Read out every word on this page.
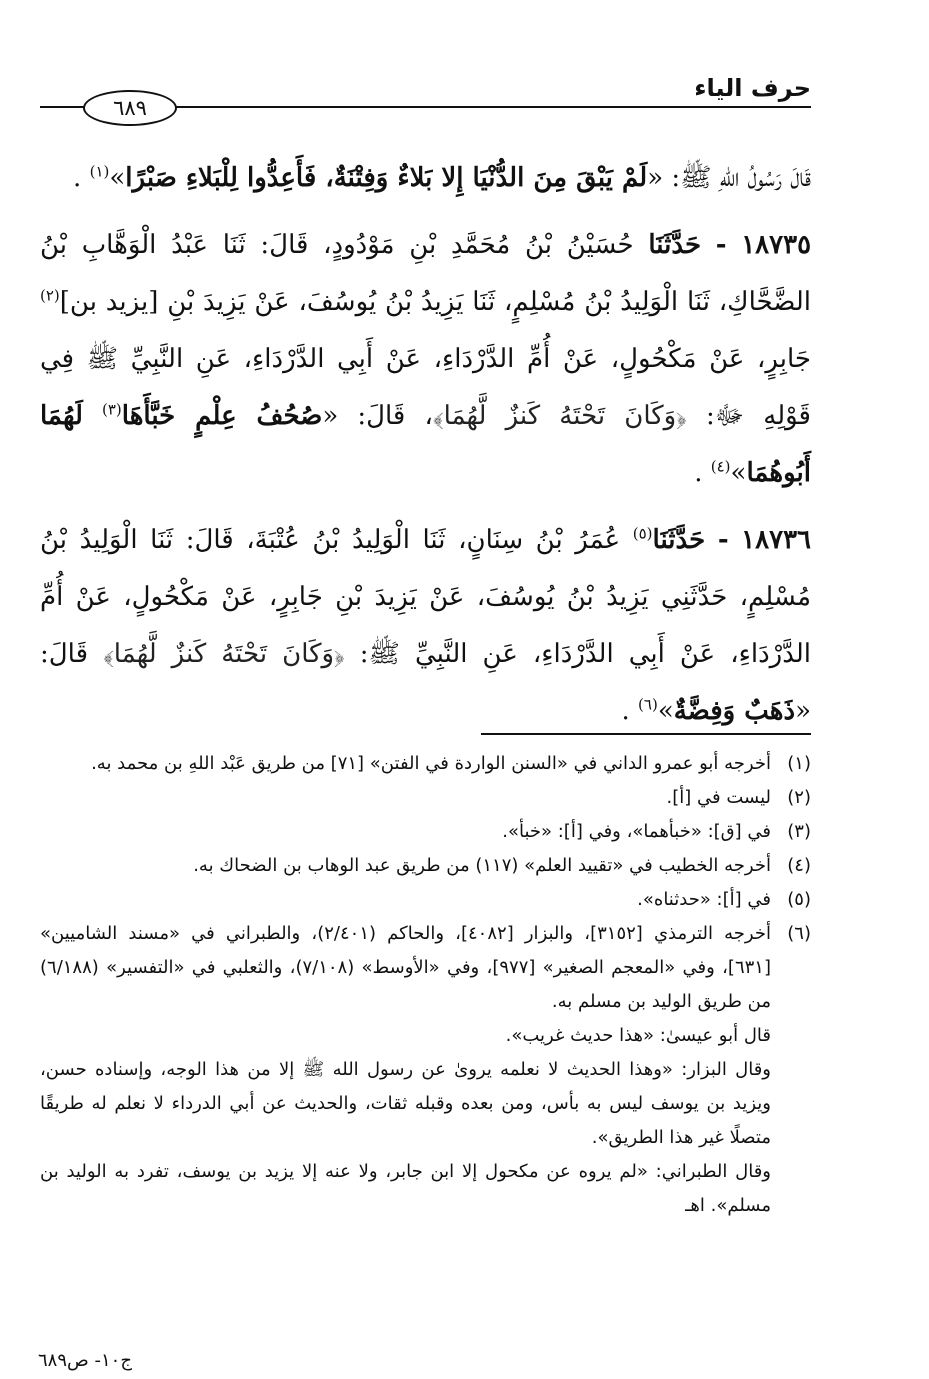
حرف الياء
٦٨٩

قَالَ رَسُولُ اللهِ ﷺ: «لَمْ يَبْقَ مِنَ الدُّنْيَا إِلا بَلاءٌ وَفِتْنَةٌ، فَأَعِدُّوا لِلْبَلاءِ صَبْرًا»$^{(١)}$ .

١٨٧٣٥ - حَدَّثَنَا حُسَيْنُ بْنُ مُحَمَّدِ بْنِ مَوْدُودٍ، قَالَ: ثَنَا عَبْدُ الْوَهَّابِ بْنُ الضَّحَّاكِ، ثَنَا الْوَلِيدُ بْنُ مُسْلِمٍ، ثَنَا يَزِيدُ بْنُ يُوسُفَ، عَنْ يَزِيدَ بْنِ [يزيد بن]$^{(٢)}$ جَابِرٍ، عَنْ مَكْحُولٍ، عَنْ أُمِّ الدَّرْدَاءِ، عَنْ أَبِي الدَّرْدَاءِ، عَنِ النَّبِيِّ ﷺ فِي قَوْلِهِ ﷻ: ﴿وَكَانَ تَحْتَهُ كَنزٌ لَّهُمَا﴾، قَالَ: «صُحُفُ عِلْمٍ خَبَّأَهَا$^{(٣)}$ لَهُمَا أَبُوهُمَا»$^{(٤)}$ .

١٨٧٣٦ - حَدَّثَنَا$^{(٥)}$ عُمَرُ بْنُ سِنَانٍ، ثَنَا الْوَلِيدُ بْنُ عُتْبَةَ، قَالَ: ثَنَا الْوَلِيدُ بْنُ مُسْلِمٍ، حَدَّثَنِي يَزِيدُ بْنُ يُوسُفَ، عَنْ يَزِيدَ بْنِ جَابِرٍ، عَنْ مَكْحُولٍ، عَنْ أُمِّ الدَّرْدَاءِ، عَنْ أَبِي الدَّرْدَاءِ، عَنِ النَّبِيِّ ﷺ: ﴿وَكَانَ تَحْتَهُ كَنزٌ لَّهُمَا﴾ قَالَ: «ذَهَبٌ وَفِضَّةٌ»$^{(٦)}$ .

(١)
أخرجه أبو عمرو الداني في «السنن الواردة في الفتن» [٧١] من طريق عَبْد اللهِ بن محمد به.
(٢)
ليست في [أ].
(٣)
في [ق]: «خبأهما»، وفي [أ]: «خبأ».
(٤)
أخرجه الخطيب في «تقييد العلم» (١١٧) من طريق عبد الوهاب بن الضحاك به.
(٥)
في [أ]: «حدثناه».
(٦)
أخرجه الترمذي [٣١٥٢]، والبزار [٤٠٨٢]، والحاكم (٢/٤٠١)، والطبراني في «مسند الشاميين» [٦٣١]، وفي «المعجم الصغير» [٩٧٧]، وفي «الأوسط» (٧/١٠٨)، والثعلبي في «التفسير» (٦/١٨٨) من طريق الوليد بن مسلم به.
قال أبو عيسىٰ: «هذا حديث غريب».
وقال البزار: «وهذا الحديث لا نعلمه يروىٰ عن رسول الله ﷺ إلا من هذا الوجه، وإسناده حسن، ويزيد بن يوسف ليس به بأس، ومن بعده وقبله ثقات، والحديث عن أبي الدرداء لا نعلم له طريقًا متصلًا غير هذا الطريق».
وقال الطبراني: «لم يروه عن مكحول إلا ابن جابر، ولا عنه إلا يزيد بن يوسف، تفرد به الوليد بن مسلم». اهـ
ج١٠- ص٦٨٩
